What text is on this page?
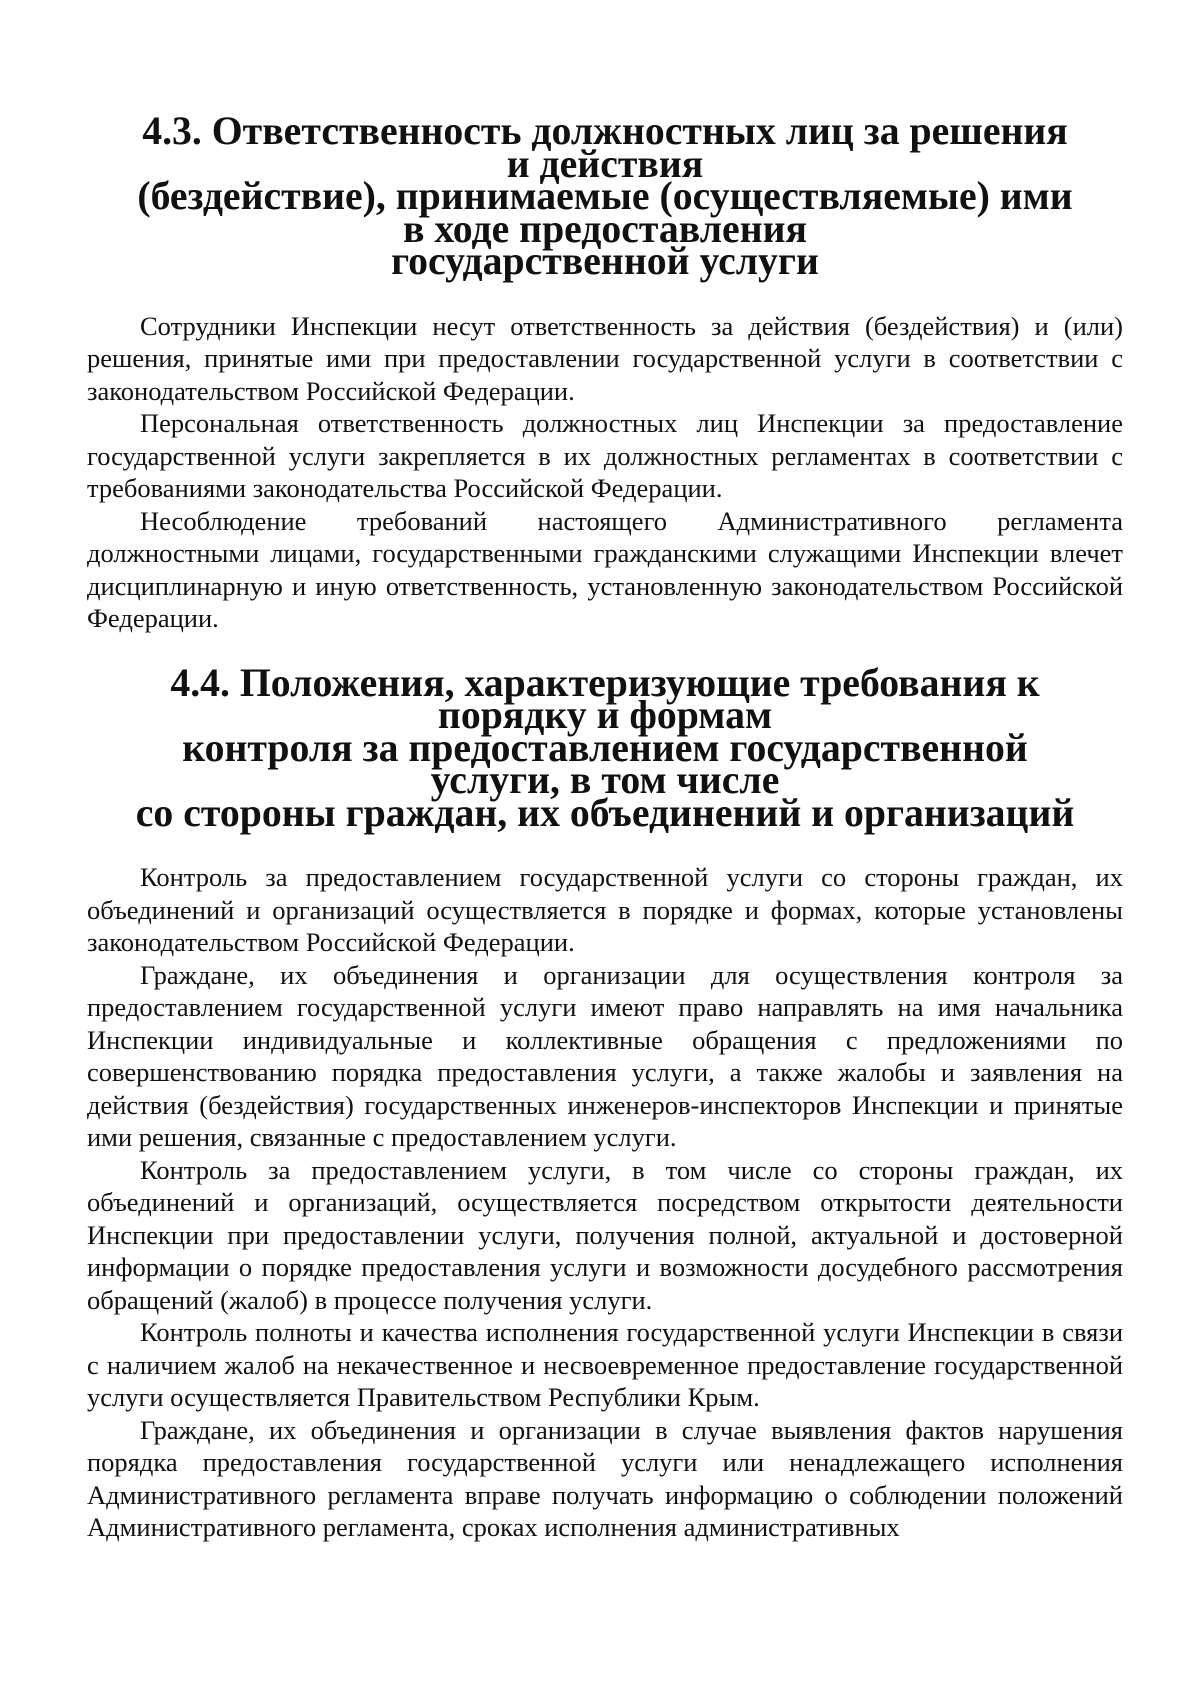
4.3. Ответственность должностных лиц за решения и действия
(бездействие), принимаемые (осуществляемые) ими в ходе предоставления
государственной услуги

Сотрудники Инспекции несут ответственность за действия (бездействия) и (или) решения, принятые ими при предоставлении государственной услуги в соответствии с законодательством Российской Федерации.

Персональная ответственность должностных лиц Инспекции за предоставление государственной услуги закрепляется в их должностных регламентах в соответствии с требованиями законодательства Российской Федерации.

Несоблюдение требований настоящего Административного регламента должностными лицами, государственными гражданскими служащими Инспекции влечет дисциплинарную и иную ответственность, установленную законодательством Российской Федерации.

4.4. Положения, характеризующие требования к порядку и формам
контроля за предоставлением государственной услуги, в том числе
со стороны граждан, их объединений и организаций

Контроль за предоставлением государственной услуги со стороны граждан, их объединений и организаций осуществляется в порядке и формах, которые установлены законодательством Российской Федерации.

Граждане, их объединения и организации для осуществления контроля за предоставлением государственной услуги имеют право направлять на имя начальника Инспекции индивидуальные и коллективные обращения с предложениями по совершенствованию порядка предоставления услуги, а также жалобы и заявления на действия (бездействия) государственных инженеров-инспекторов Инспекции и принятые ими решения, связанные с предоставлением услуги.

Контроль за предоставлением услуги, в том числе со стороны граждан, их объединений и организаций, осуществляется посредством открытости деятельности Инспекции при предоставлении услуги, получения полной, актуальной и достоверной информации о порядке предоставления услуги и возможности досудебного рассмотрения обращений (жалоб) в процессе получения услуги.

Контроль полноты и качества исполнения государственной услуги Инспекции в связи с наличием жалоб на некачественное и несвоевременное предоставление государственной услуги осуществляется Правительством Республики Крым.

Граждане, их объединения и организации в случае выявления фактов нарушения порядка предоставления государственной услуги или ненадлежащего исполнения Административного регламента вправе получать информацию о соблюдении положений Административного регламента, сроках исполнения административных
